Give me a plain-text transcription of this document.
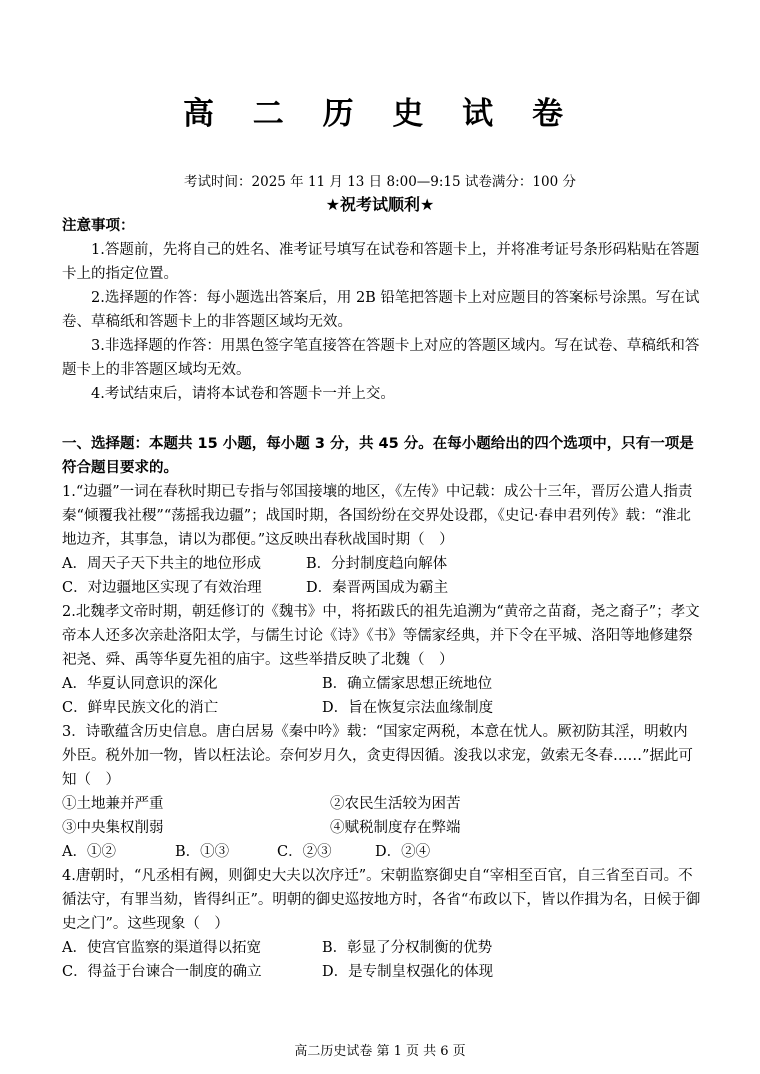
高 二 历 史 试 卷
考试时间：2025 年 11 月 13 日 8:00—9:15 试卷满分：100 分
★祝考试顺利★
注意事项：
1.答题前，先将自己的姓名、准考证号填写在试卷和答题卡上，并将准考证号条形码粘贴在答题卡上的指定位置。
2.选择题的作答：每小题选出答案后，用 2B 铅笔把答题卡上对应题目的答案标号涂黑。写在试卷、草稿纸和答题卡上的非答题区域均无效。
3.非选择题的作答：用黑色签字笔直接答在答题卡上对应的答题区域内。写在试卷、草稿纸和答题卡上的非答题区域均无效。
4.考试结束后，请将本试卷和答题卡一并上交。
一、选择题：本题共 15 小题，每小题 3 分，共 45 分。在每小题给出的四个选项中，只有一项是符合题目要求的。
1.“边疆”一词在春秋时期已专指与邻国接壤的地区，《左传》中记载：成公十三年，晋厉公遣人指责秦“倾覆我社稷”“荡摇我边疆”；战国时期，各国纷纷在交界处设郡，《史记·春申君列传》载：“淮北地边齐，其事急，请以为郡便。”这反映出春秋战国时期（　）
A．周天子天下共主的地位形成	B．分封制度趋向解体
C．对边疆地区实现了有效治理	D．秦晋两国成为霸主
2.北魏孝文帝时期，朝廷修订的《魏书》中，将拓跋氏的祖先追溯为“黄帝之苗裔，尧之裔子”；孝文帝本人还多次亲赴洛阳太学，与儒生讨论《诗》《书》等儒家经典，并下令在平城、洛阳等地修建祭祀尧、舜、禹等华夏先祖的庙宇。这些举措反映了北魏（　）
A．华夏认同意识的深化	B．确立儒家思想正统地位
C．鲜卑民族文化的消亡	D．旨在恢复宗法血缘制度
3．诗歌蕴含历史信息。唐白居易《秦中吟》载：“国家定两税，本意在忧人。厥初防其淫，明敕内外臣。税外加一物，皆以枉法论。奈何岁月久，贪吏得因循。浚我以求宠，敛索无冬春……”据此可知（　）
①土地兼并严重	②农民生活较为困苦
③中央集权削弱	④赋税制度存在弊端
A．①②	B．①③	C．②③	D．②④
4.唐朝时，“凡丞相有阙，则御史大夫以次序迁”。宋朝监察御史自“宰相至百官，自三省至百司。不循法守，有罪当劾，皆得纠正”。明朝的御史巡按地方时，各省“布政以下，皆以作揖为名，日候于御史之门”。这些现象（　）
A．使宫官监察的渠道得以拓宽	B．彰显了分权制衡的优势
C．得益于台谏合一制度的确立	D．是专制皇权强化的体现
高二历史试卷 第 1 页 共 6 页
